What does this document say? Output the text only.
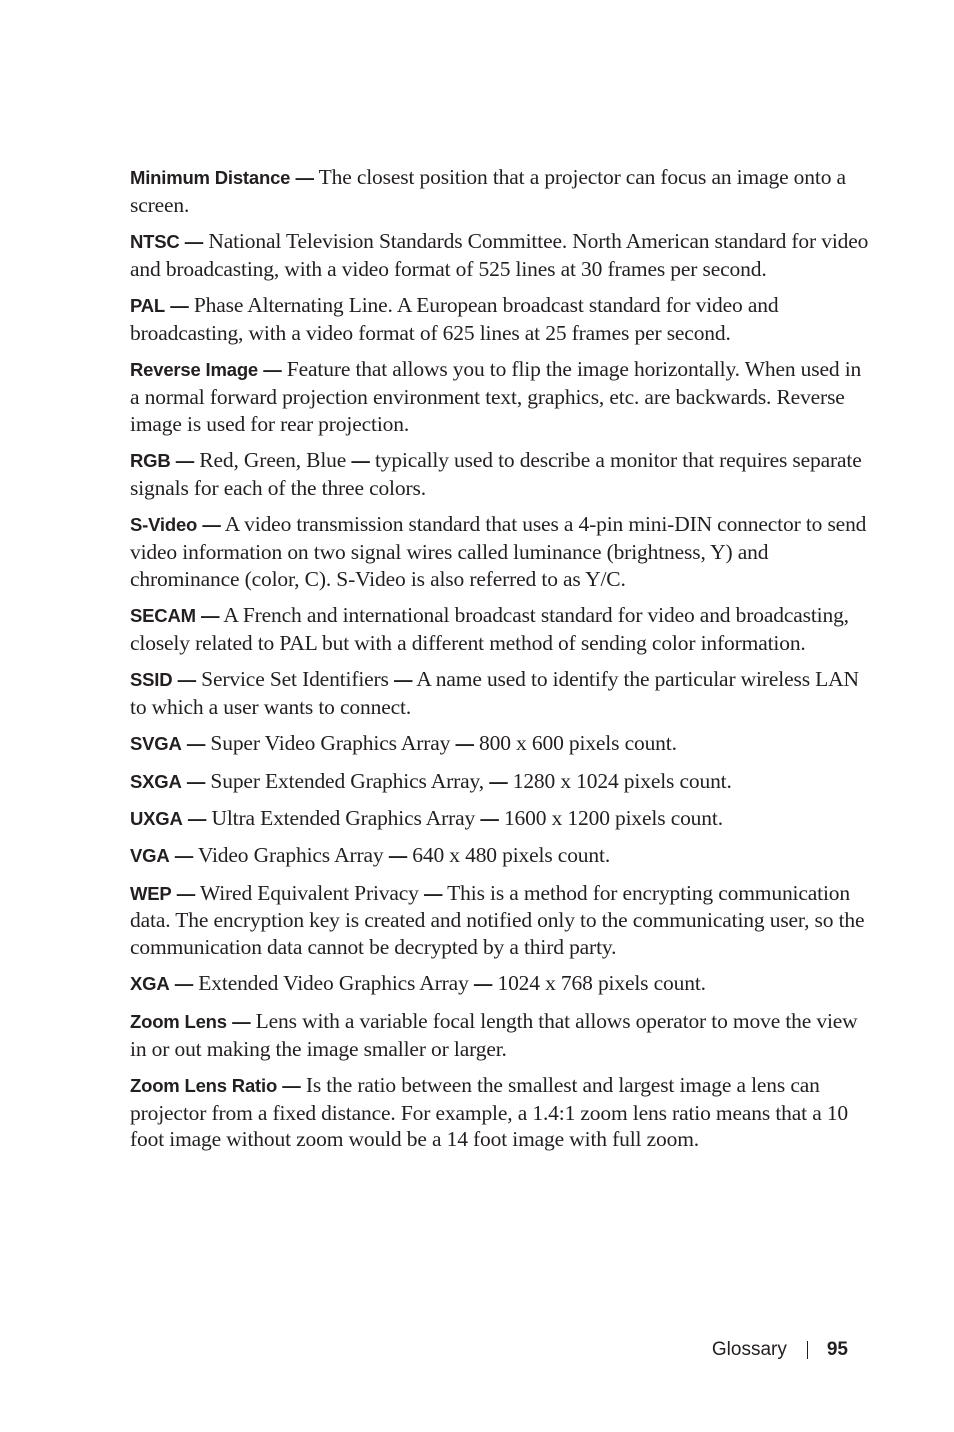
Minimum Distance — The closest position that a projector can focus an image onto a screen.

NTSC — National Television Standards Committee. North American standard for video and broadcasting, with a video format of 525 lines at 30 frames per second.

PAL — Phase Alternating Line. A European broadcast standard for video and broadcasting, with a video format of 625 lines at 25 frames per second.

Reverse Image — Feature that allows you to flip the image horizontally. When used in a normal forward projection environment text, graphics, etc. are backwards. Reverse image is used for rear projection.

RGB — Red, Green, Blue — typically used to describe a monitor that requires separate signals for each of the three colors.

S-Video — A video transmission standard that uses a 4-pin mini-DIN connector to send video information on two signal wires called luminance (brightness, Y) and chrominance (color, C). S-Video is also referred to as Y/C.

SECAM — A French and international broadcast standard for video and broadcasting, closely related to PAL but with a different method of sending color information.

SSID — Service Set Identifiers — A name used to identify the particular wireless LAN to which a user wants to connect.

SVGA — Super Video Graphics Array — 800 x 600 pixels count.

SXGA — Super Extended Graphics Array, — 1280 x 1024 pixels count.

UXGA — Ultra Extended Graphics Array — 1600 x 1200 pixels count.

VGA — Video Graphics Array — 640 x 480 pixels count.

WEP — Wired Equivalent Privacy — This is a method for encrypting communication data. The encryption key is created and notified only to the communicating user, so the communication data cannot be decrypted by a third party.

XGA — Extended Video Graphics Array — 1024 x 768 pixels count.

Zoom Lens — Lens with a variable focal length that allows operator to move the view in or out making the image smaller or larger.

Zoom Lens Ratio — Is the ratio between the smallest and largest image a lens can projector from a fixed distance. For example, a 1.4:1 zoom lens ratio means that a 10 foot image without zoom would be a 14 foot image with full zoom.

Glossary 95
